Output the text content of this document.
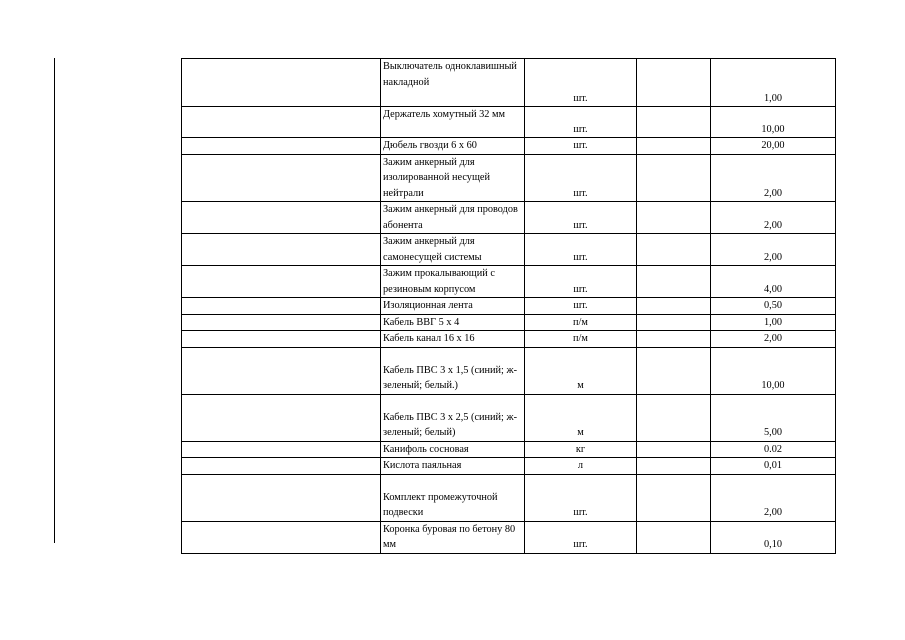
	Выключатель одноклавишный накладной	шт.		1,00

	Держатель хомутный 32 мм	шт.		10,00

	Дюбель гвозди 6 x 60	шт.		20,00

	Зажим анкерный для изолированной несущей нейтрали	шт.		2,00

	Зажим анкерный для проводов абонента	шт.		2,00

	Зажим анкерный для самонесущей системы	шт.		2,00

	Зажим прокалывающий с резиновым корпусом	шт.		4,00

	Изоляционная лента	шт.		0,50

	Кабель ВВГ 5 x 4	п/м		1,00

	Кабель канал 16 x 16	п/м		2,00

	Кабель ПВС 3 x 1,5 (синий; ж-зеленый; белый.)	м		10,00

	Кабель ПВС 3 x 2,5 (синий; ж-зеленый; белый)	м		5,00

	Канифоль сосновая	кг		0.02

	Кислота паяльная	л		0,01

	Комплект промежуточной подвески	шт.		2,00

	Коронка буровая по бетону 80 мм	шт.		0,10
